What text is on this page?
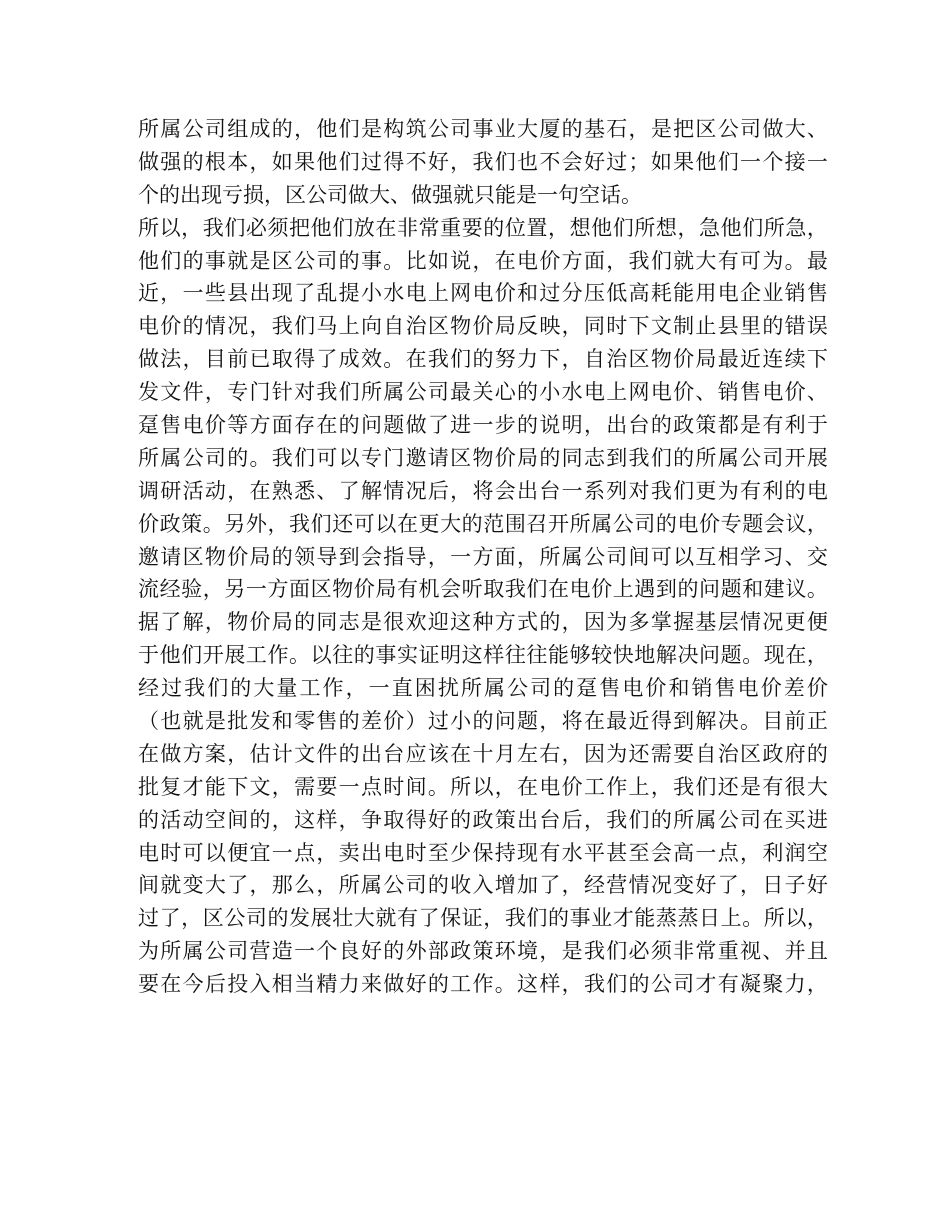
所 属 公 司 组 成 的 ， 他 们 是 构 筑 公 司 事 业 大 厦 的 基 石 ， 是 把 区 公 司 做 大 、
做 强 的 根 本 ， 如 果 他 们 过 得 不 好 ， 我 们 也 不 会 好 过 ； 如 果 他 们 一 个 接 一
个的出现亏损，区公司做大、做强就只能是一句空话。
所 以 ， 我 们 必 须 把 他 们 放 在 非 常 重 要 的 位 置 ， 想 他 们 所 想 ， 急 他 们 所 急 ，
他 们 的 事 就 是 区 公 司 的 事 。 比 如 说 ， 在 电 价 方 面 ， 我 们 就 大 有 可 为 。 最
近 ， 一 些 县 出 现 了 乱 提 小 水 电 上 网 电 价 和 过 分 压 低 高 耗 能 用 电 企 业 销 售
电 价 的 情 况 ， 我 们 马 上 向 自 治 区 物 价 局 反 映 ， 同 时 下 文 制 止 县 里 的 错 误
做 法 ， 目 前 已 取 得 了 成 效 。 在 我 们 的 努 力 下 ， 自 治 区 物 价 局 最 近 连 续 下
发 文 件 ， 专 门 针 对 我 们 所 属 公 司 最 关 心 的 小 水 电 上 网 电 价 、 销 售 电 价 、
趸 售 电 价 等 方 面 存 在 的 问 题 做 了 进 一 步 的 说 明 ， 出 台 的 政 策 都 是 有 利 于
所 属 公 司 的 。 我 们 可 以 专 门 邀 请 区 物 价 局 的 同 志 到 我 们 的 所 属 公 司 开 展
调 研 活 动 ， 在 熟 悉 、 了 解 情 况 后 ， 将 会 出 台 一 系 列 对 我 们 更 为 有 利 的 电
价 政 策 。 另 外 ， 我 们 还 可 以 在 更 大 的 范 围 召 开 所 属 公 司 的 电 价 专 题 会 议 ，
邀 请 区 物 价 局 的 领 导 到 会 指 导 ， 一 方 面 ， 所 属 公 司 间 可 以 互 相 学 习 、 交
流 经 验 ， 另 一 方 面 区 物 价 局 有 机 会 听 取 我 们 在 电 价 上 遇 到 的 问 题 和 建 议 。
据 了 解 ， 物 价 局 的 同 志 是 很 欢 迎 这 种 方 式 的 ， 因 为 多 掌 握 基 层 情 况 更 便
于 他 们 开 展 工 作 。 以 往 的 事 实 证 明 这 样 往 往 能 够 较 快 地 解 决 问 题 。 现 在 ，
经 过 我 们 的 大 量 工 作 ， 一 直 困 扰 所 属 公 司 的 趸 售 电 价 和 销 售 电 价 差 价
（ 也 就 是 批 发 和 零 售 的 差 价 ） 过 小 的 问 题 ， 将 在 最 近 得 到 解 决 。 目 前 正
在 做 方 案 ， 估 计 文 件 的 出 台 应 该 在 十 月 左 右 ， 因 为 还 需 要 自 治 区 政 府 的
批 复 才 能 下 文 ， 需 要 一 点 时 间 。 所 以 ， 在 电 价 工 作 上 ， 我 们 还 是 有 很 大
的 活 动 空 间 的 ， 这 样 ， 争 取 得 好 的 政 策 出 台 后 ， 我 们 的 所 属 公 司 在 买 进
电 时 可 以 便 宜 一 点 ， 卖 出 电 时 至 少 保 持 现 有 水 平 甚 至 会 高 一 点 ， 利 润 空
间 就 变 大 了 ， 那 么 ， 所 属 公 司 的 收 入 增 加 了 ， 经 营 情 况 变 好 了 ， 日 子 好
过 了 ， 区 公 司 的 发 展 壮 大 就 有 了 保 证 ， 我 们 的 事 业 才 能 蒸 蒸 日 上 。 所 以 ，
为 所 属 公 司 营 造 一 个 良 好 的 外 部 政 策 环 境 ， 是 我 们 必 须 非 常 重 视 、 并 且
要 在 今 后 投 入 相 当 精 力 来 做 好 的 工 作 。 这 样 ， 我 们 的 公 司 才 有 凝 聚 力 ，
